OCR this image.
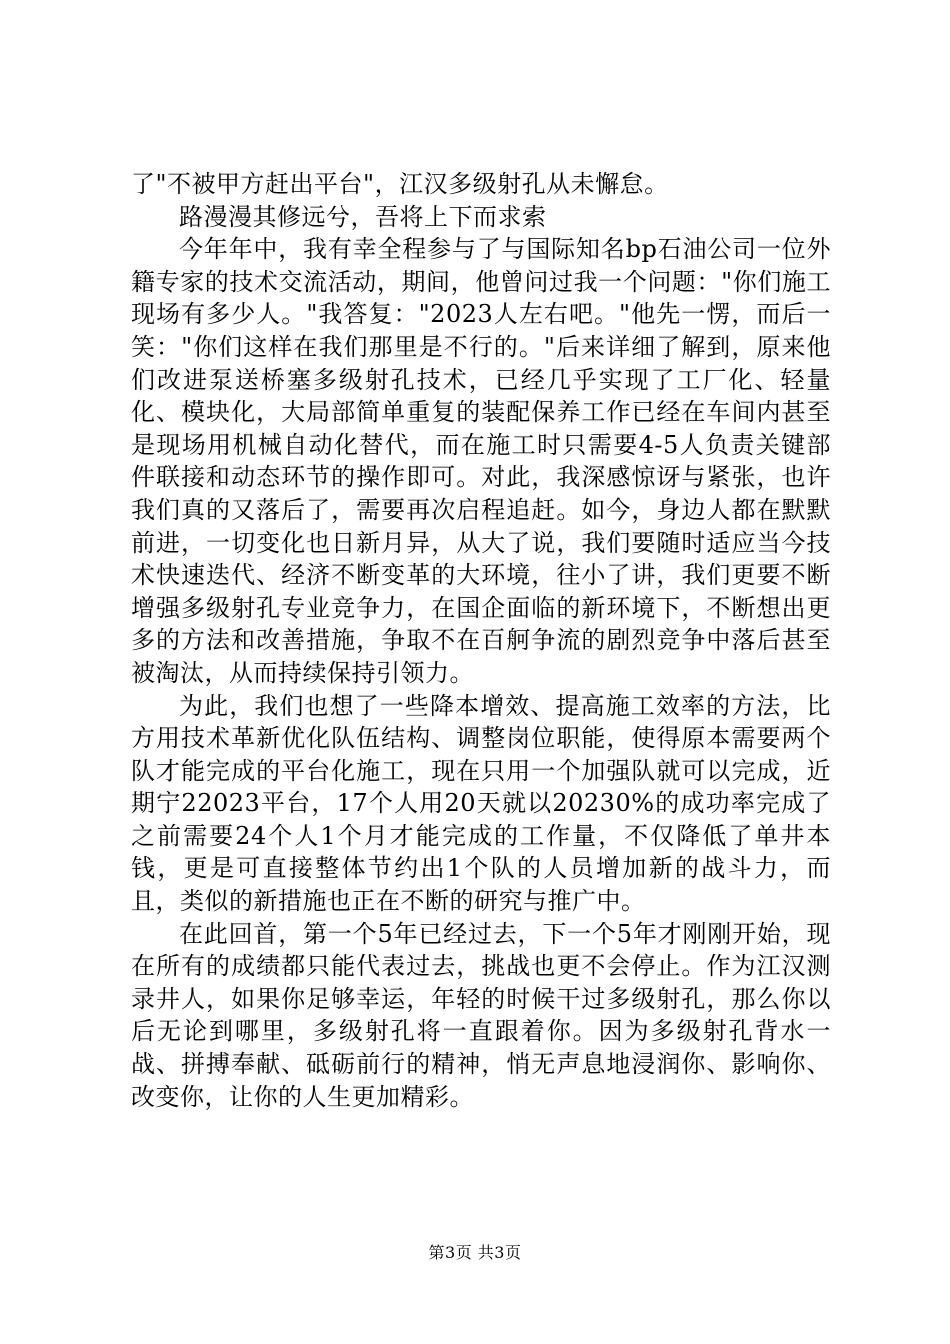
了"不被甲方赶出平台"，江汉多级射孔从未懈怠。

路漫漫其修远兮，吾将上下而求索

今年年中，我有幸全程参与了与国际知名bp石油公司一位外籍专家的技术交流活动，期间，他曾问过我一个问题："你们施工现场有多少人。"我答复："2023人左右吧。"他先一愣，而后一笑："你们这样在我们那里是不行的。"后来详细了解到，原来他们改进泵送桥塞多级射孔技术，已经几乎实现了工厂化、轻量化、模块化，大局部简单重复的装配保养工作已经在车间内甚至是现场用机械自动化替代，而在施工时只需要4-5人负责关键部件联接和动态环节的操作即可。对此，我深感惊讶与紧张，也许我们真的又落后了，需要再次启程追赶。如今，身边人都在默默前进，一切变化也日新月异，从大了说，我们要随时适应当今技术快速迭代、经济不断变革的大环境，往小了讲，我们更要不断增强多级射孔专业竞争力，在国企面临的新环境下，不断想出更多的方法和改善措施，争取不在百舸争流的剧烈竞争中落后甚至被淘汰，从而持续保持引领力。

为此，我们也想了一些降本增效、提高施工效率的方法，比方用技术革新优化队伍结构、调整岗位职能，使得原本需要两个队才能完成的平台化施工，现在只用一个加强队就可以完成，近期宁22023平台，17个人用20天就以20230%的成功率完成了之前需要24个人1个月才能完成的工作量，不仅降低了单井本钱，更是可直接整体节约出1个队的人员增加新的战斗力，而且，类似的新措施也正在不断的研究与推广中。

在此回首，第一个5年已经过去，下一个5年才刚刚开始，现在所有的成绩都只能代表过去，挑战也更不会停止。作为江汉测录井人，如果你足够幸运，年轻的时候干过多级射孔，那么你以后无论到哪里，多级射孔将一直跟着你。因为多级射孔背水一战、拼搏奉献、砥砺前行的精神，悄无声息地浸润你、影响你、改变你，让你的人生更加精彩。

第3页 共3页
